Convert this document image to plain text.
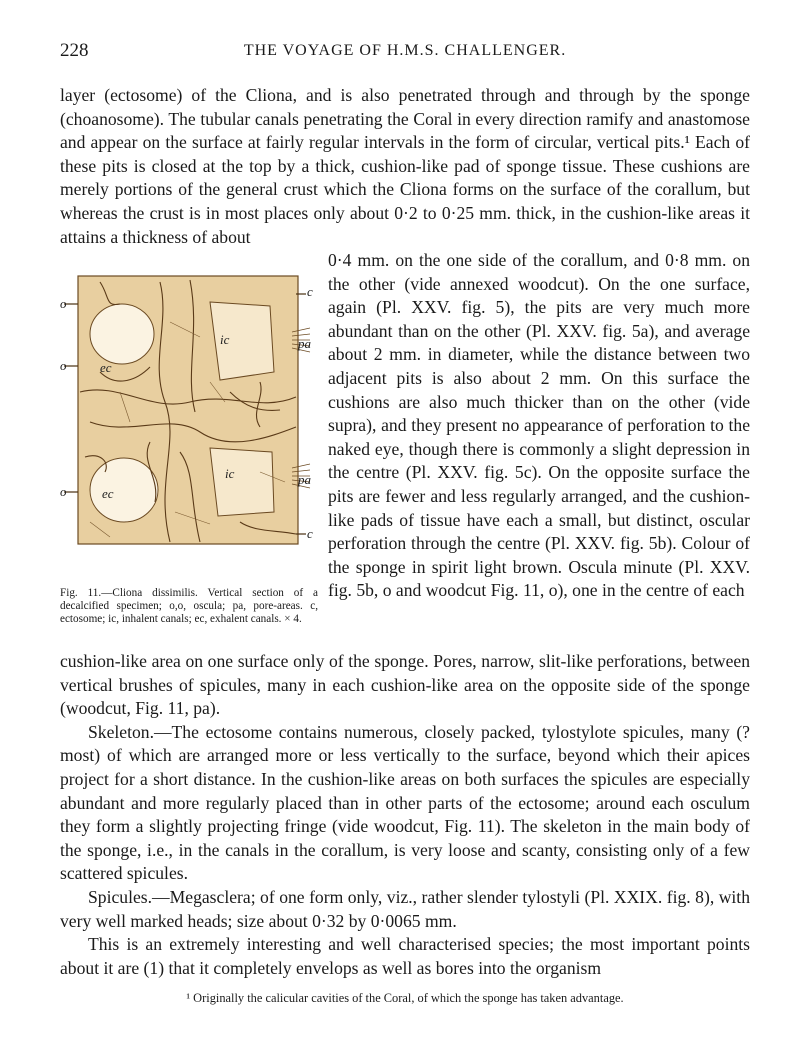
228	THE VOYAGE OF H.M.S. CHALLENGER.

layer (ectosome) of the Cliona, and is also penetrated through and through by the sponge (choanosome). The tubular canals penetrating the Coral in every direction ramify and anastomose and appear on the surface at fairly regular intervals in the form of circular, vertical pits.¹ Each of these pits is closed at the top by a thick, cushion-like pad of sponge tissue. These cushions are merely portions of the general crust which the Cliona forms on the surface of the corallum, but whereas the crust is in most places only about 0·2 to 0·25 mm. thick, in the cushion-like areas it attains a thickness of about

o
o
o
c
c
pa
pa
ic
ic
ec
ec
Fig. 11.—Cliona dissimilis. Vertical section of a decalcified specimen; o,o, oscula; pa, pore-areas. c, ectosome; ic, inhalent canals; ec, exhalent canals. × 4.

0·4 mm. on the one side of the corallum, and 0·8 mm. on the other (vide annexed woodcut). On the one surface, again (Pl. XXV. fig. 5), the pits are very much more abundant than on the other (Pl. XXV. fig. 5a), and average about 2 mm. in diameter, while the distance between two adjacent pits is also about 2 mm. On this surface the cushions are also much thicker than on the other (vide supra), and they present no appearance of perforation to the naked eye, though there is commonly a slight depression in the centre (Pl. XXV. fig. 5c). On the opposite surface the pits are fewer and less regularly arranged, and the cushion-like pads of tissue have each a small, but distinct, oscular perforation through the centre (Pl. XXV. fig. 5b). Colour of the sponge in spirit light brown. Oscula minute (Pl. XXV. fig. 5b, o and woodcut Fig. 11, o), one in the centre of each

cushion-like area on one surface only of the sponge. Pores, narrow, slit-like perforations, between vertical brushes of spicules, many in each cushion-like area on the opposite side of the sponge (woodcut, Fig. 11, pa).

Skeleton.—The ectosome contains numerous, closely packed, tylostylote spicules, many (? most) of which are arranged more or less vertically to the surface, beyond which their apices project for a short distance. In the cushion-like areas on both surfaces the spicules are especially abundant and more regularly placed than in other parts of the ectosome; around each osculum they form a slightly projecting fringe (vide woodcut, Fig. 11). The skeleton in the main body of the sponge, i.e., in the canals in the corallum, is very loose and scanty, consisting only of a few scattered spicules.

Spicules.—Megasclera; of one form only, viz., rather slender tylostyli (Pl. XXIX. fig. 8), with very well marked heads; size about 0·32 by 0·0065 mm.

This is an extremely interesting and well characterised species; the most important points about it are (1) that it completely envelops as well as bores into the organism

¹ Originally the calicular cavities of the Coral, of which the sponge has taken advantage.
